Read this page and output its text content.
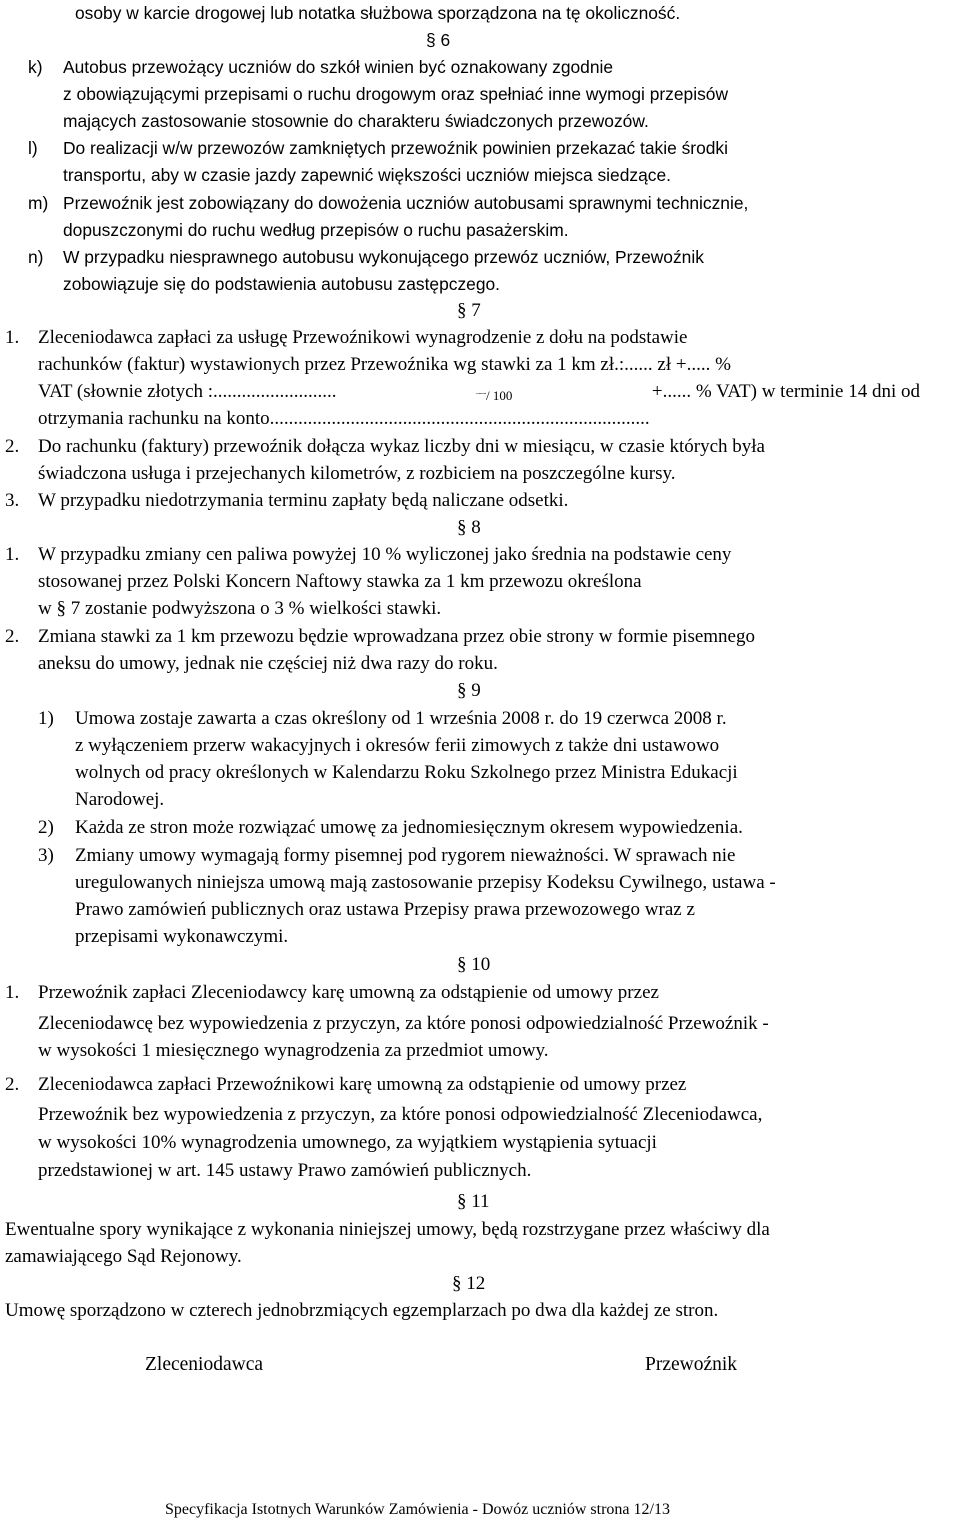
osoby w karcie drogowej lub notatka służbowa sporządzona na tę okoliczność.
§ 6
k) Autobus przewożący uczniów do szkół winien być oznakowany zgodnie
z obowiązującymi przepisami o ruchu drogowym oraz spełniać inne wymogi przepisów
mających zastosowanie stosownie do charakteru świadczonych przewozów.
l) Do realizacji w/w przewozów zamkniętych przewoźnik powinien przekazać takie środki
transportu, aby w czasie jazdy zapewnić większości uczniów miejsca siedzące.
m) Przewoźnik jest zobowiązany do dowożenia uczniów autobusami sprawnymi technicznie,
dopuszczonymi do ruchu według przepisów o ruchu pasażerskim.
n) W przypadku niesprawnego autobusu wykonującego przewóz uczniów, Przewoźnik
zobowiązuje się do podstawienia autobusu zastępczego.
§ 7
1. Zleceniodawca zapłaci za usługę Przewoźnikowi wynagrodzenie z dołu na podstawie
rachunków (faktur) wystawionych przez Przewoźnika wg stawki za 1 km zł.:...... zł +..... %
VAT (słownie złotych :..........................	......../ 100	+...... % VAT) w terminie 14 dni od
otrzymania rachunku na konto................................................................................
2. Do rachunku (faktury) przewoźnik dołącza wykaz liczby dni w miesiącu, w czasie których była
świadczona usługa i przejechanych kilometrów, z rozbiciem na poszczególne kursy.
3. W przypadku niedotrzymania terminu zapłaty będą naliczane odsetki.
§ 8
1. W przypadku zmiany cen paliwa powyżej 10 % wyliczonej jako średnia na podstawie ceny
stosowanej przez Polski Koncern Naftowy stawka za 1 km przewozu określona
w § 7 zostanie podwyższona o 3 % wielkości stawki.
2. Zmiana stawki za 1 km przewozu będzie wprowadzana przez obie strony w formie pisemnego
aneksu do umowy, jednak nie częściej niż dwa razy do roku.
§ 9
1) Umowa zostaje zawarta a czas określony od 1 września 2008 r. do 19 czerwca 2008 r.
z wyłączeniem przerw wakacyjnych i okresów ferii zimowych z także dni ustawowo
wolnych od pracy określonych w Kalendarzu Roku Szkolnego przez Ministra Edukacji
Narodowej.
2) Każda ze stron może rozwiązać umowę za jednomiesięcznym okresem wypowiedzenia.
3) Zmiany umowy wymagają formy pisemnej pod rygorem nieważności. W sprawach nie
uregulowanych niniejsza umową mają zastosowanie przepisy Kodeksu Cywilnego, ustawa -
Prawo zamówień publicznych oraz ustawa Przepisy prawa przewozowego wraz z
przepisami wykonawczymi.
§ 10
1. Przewoźnik zapłaci Zleceniodawcy karę umowną za odstąpienie od umowy przez
Zleceniodawcę bez wypowiedzenia z przyczyn, za które ponosi odpowiedzialność Przewoźnik -
w wysokości 1 miesięcznego wynagrodzenia za przedmiot umowy.
2. Zleceniodawca zapłaci Przewoźnikowi karę umowną za odstąpienie od umowy przez
Przewoźnik bez wypowiedzenia z przyczyn, za które ponosi odpowiedzialność Zleceniodawca,
w wysokości 10% wynagrodzenia umownego, za wyjątkiem wystąpienia sytuacji
przedstawionej w art. 145 ustawy Prawo zamówień publicznych.
§ 11
Ewentualne spory wynikające z wykonania niniejszej umowy, będą rozstrzygane przez właściwy dla
zamawiającego Sąd Rejonowy.
§ 12
Umowę sporządzono w czterech jednobrzmiących egzemplarzach po dwa dla każdej ze stron.
Zleceniodawca	Przewoźnik
Specyfikacja Istotnych Warunków Zamówienia - Dowóz uczniów strona 12/13
